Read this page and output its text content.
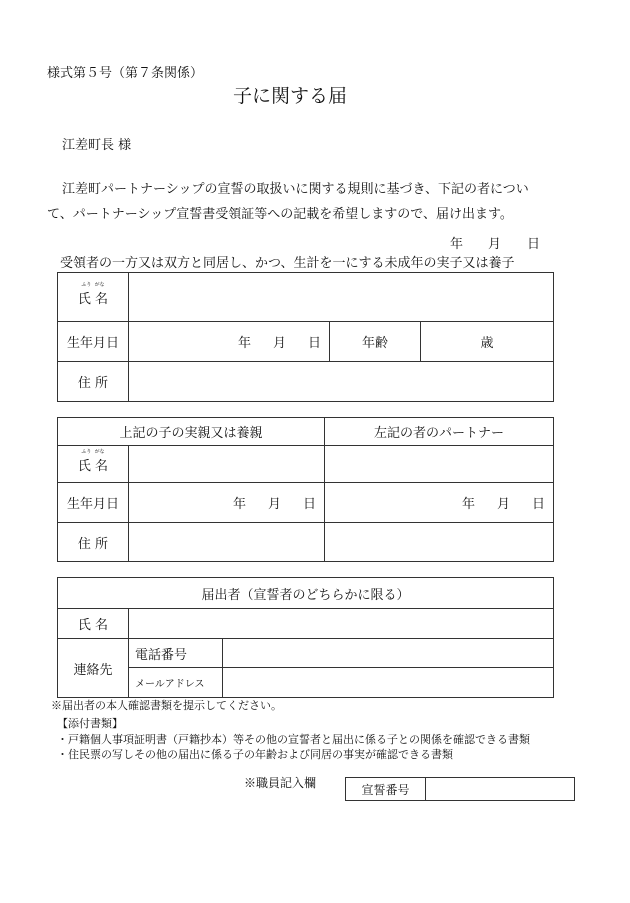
様式第５号（第７条関係）
子に関する届
江差町長 様
江差町パートナーシップの宣誓の取扱いに関する規則に基づき、下記の者につい
て、パートナーシップ宣誓書受領証等への記載を希望しますので、届け出ます。
年 月 日
受領者の一方又は双方と同居し、かつ、生計を一にする未成年の実子又は養子
ふり がな
氏 名			
生年月日	年 月 日	年齢	歳
住 所			
上記の子の実親又は養親		左記の者のパートナー

ふり がな
氏 名		
生年月日	年 月 日	年 月 日
住 所		
届出者（宣誓者のどちらかに限る）		
氏 名		
連絡先	電話番号	
	メールアドレス	
※届出者の本人確認書類を提示してください。
【添付書類】
・戸籍個人事項証明書（戸籍抄本）等その他の宣誓者と届出に係る子との関係を確認できる書類
・住民票の写しその他の届出に係る子の年齢および同居の事実が確認できる書類
※職員記入欄	宣誓番号	
